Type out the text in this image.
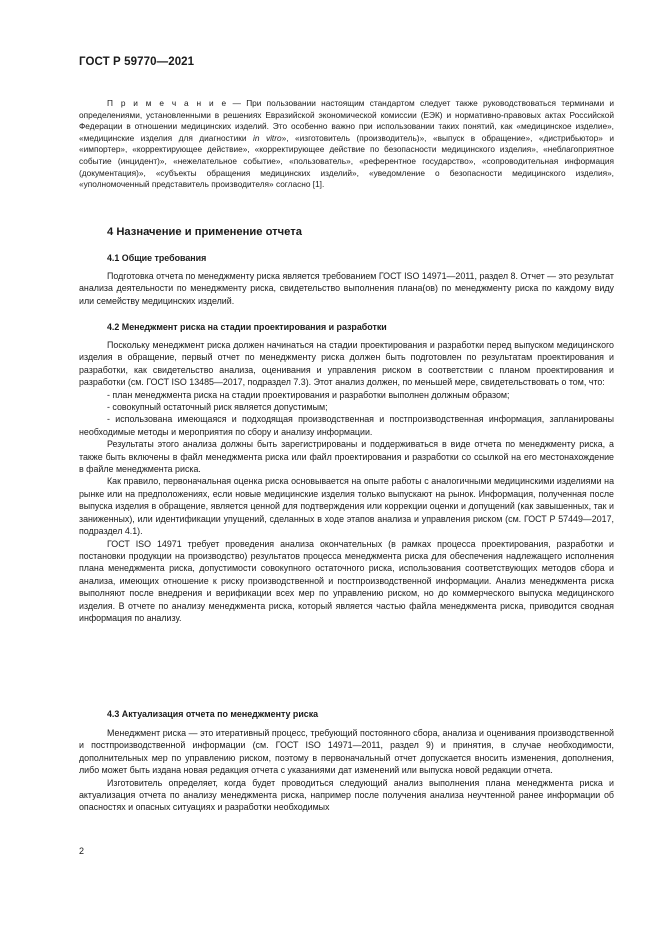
ГОСТ Р 59770—2021
П р и м е ч а н и е — При пользовании настоящим стандартом следует также руководствоваться терминами и определениями, установленными в решениях Евразийской экономической комиссии (ЕЭК) и нормативно-правовых актах Российской Федерации в отношении медицинских изделий. Это особенно важно при использовании таких понятий, как «медицинское изделие», «медицинские изделия для диагностики in vitro», «изготовитель (производитель)», «выпуск в обращение», «дистрибьютор» и «импортер», «корректирующее действие», «корректирующее действие по безопасности медицинского изделия», «неблагоприятное событие (инцидент)», «нежелательное событие», «пользователь», «референтное государство», «сопроводительная информация (документация)», «субъекты обращения медицинских изделий», «уведомление о безопасности медицинского изделия», «уполномоченный представитель производителя» согласно [1].
4 Назначение и применение отчета
4.1 Общие требования

Подготовка отчета по менеджменту риска является требованием ГОСТ ISO 14971—2011, раздел 8. Отчет — это результат анализа деятельности по менеджменту риска, свидетельство выполнения плана(ов) по менеджменту риска по каждому виду или семейству медицинских изделий.

4.2 Менеджмент риска на стадии проектирования и разработки

Поскольку менеджмент риска должен начинаться на стадии проектирования и разработки перед выпуском медицинского изделия в обращение, первый отчет по менеджменту риска должен быть подготовлен по результатам проектирования и разработки, как свидетельство анализа, оценивания и управления риском в соответствии с планом проектирования и разработки (см. ГОСТ ISO 13485—2017, подраздел 7.3). Этот анализ должен, по меньшей мере, свидетельствовать о том, что:

- план менеджмента риска на стадии проектирования и разработки выполнен должным образом;

- совокупный остаточный риск является допустимым;

- использована имеющаяся и подходящая производственная и постпроизводственная информация, запланированы необходимые методы и мероприятия по сбору и анализу информации.

Результаты этого анализа должны быть зарегистрированы и поддерживаться в виде отчета по менеджменту риска, а также быть включены в файл менеджмента риска или файл проектирования и разработки со ссылкой на его местонахождение в файле менеджмента риска.

Как правило, первоначальная оценка риска основывается на опыте работы с аналогичными медицинскими изделиями на рынке или на предположениях, если новые медицинские изделия только выпускают на рынок. Информация, полученная после выпуска изделия в обращение, является ценной для подтверждения или коррекции оценки и допущений (как завышенных, так и заниженных), или идентификации упущений, сделанных в ходе этапов анализа и управления риском (см. ГОСТ Р 57449—2017, подраздел 4.1).

ГОСТ ISO 14971 требует проведения анализа окончательных (в рамках процесса проектирования, разработки и постановки продукции на производство) результатов процесса менеджмента риска для обеспечения надлежащего исполнения плана менеджмента риска, допустимости совокупного остаточного риска, использования соответствующих методов сбора и анализа, имеющих отношение к риску производственной и постпроизводственной информации. Анализ менеджмента риска выполняют после внедрения и верификации всех мер по управлению риском, но до коммерческого выпуска медицинского изделия. В отчете по анализу менеджмента риска, который является частью файла менеджмента риска, приводится сводная информация по анализу.

4.3 Актуализация отчета по менеджменту риска

Менеджмент риска — это итеративный процесс, требующий постоянного сбора, анализа и оценивания производственной и постпроизводственной информации (см. ГОСТ ISO 14971—2011, раздел 9) и принятия, в случае необходимости, дополнительных мер по управлению риском, поэтому в первоначальный отчет допускается вносить изменения, дополнения, либо может быть издана новая редакция отчета с указаниями дат изменений или выпуска новой редакции отчета.

Изготовитель определяет, когда будет проводиться следующий анализ выполнения плана менеджмента риска и актуализация отчета по анализу менеджмента риска, например после получения анализа неучтенной ранее информации об опасностях и опасных ситуациях и разработки необходимых

2
